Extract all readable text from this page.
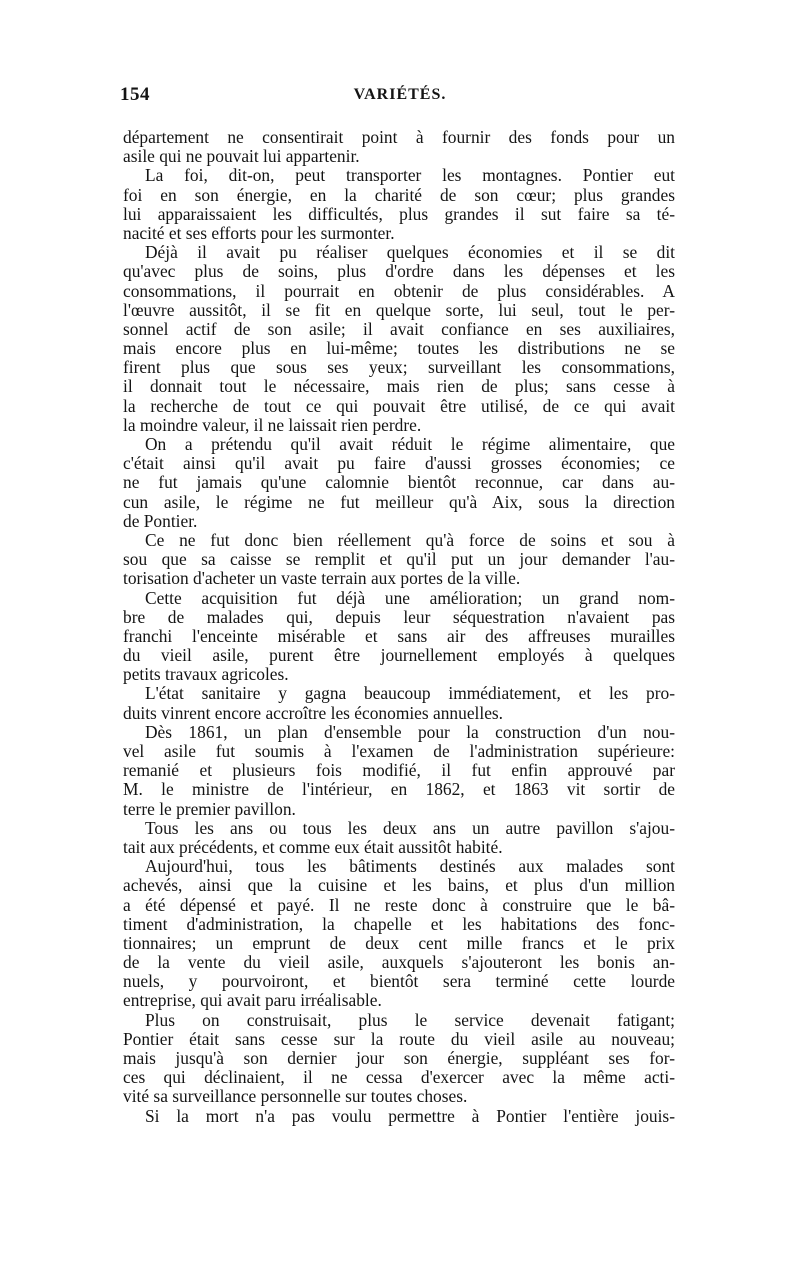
154	VARIÉTÉS.
département ne consentirait point à fournir des fonds pour un
asile qui ne pouvait lui appartenir.
La foi, dit-on, peut transporter les montagnes. Pontier eut
foi en son énergie, en la charité de son cœur; plus grandes
lui apparaissaient les difficultés, plus grandes il sut faire sa té-
nacité et ses efforts pour les surmonter.
Déjà il avait pu réaliser quelques économies et il se dit
qu'avec plus de soins, plus d'ordre dans les dépenses et les
consommations, il pourrait en obtenir de plus considérables. A
l'œuvre aussitôt, il se fit en quelque sorte, lui seul, tout le per-
sonnel actif de son asile; il avait confiance en ses auxiliaires,
mais encore plus en lui-même; toutes les distributions ne se
firent plus que sous ses yeux; surveillant les consommations,
il donnait tout le nécessaire, mais rien de plus; sans cesse à
la recherche de tout ce qui pouvait être utilisé, de ce qui avait
la moindre valeur, il ne laissait rien perdre.
On a prétendu qu'il avait réduit le régime alimentaire, que
c'était ainsi qu'il avait pu faire d'aussi grosses économies; ce
ne fut jamais qu'une calomnie bientôt reconnue, car dans au-
cun asile, le régime ne fut meilleur qu'à Aix, sous la direction
de Pontier.
Ce ne fut donc bien réellement qu'à force de soins et sou à
sou que sa caisse se remplit et qu'il put un jour demander l'au-
torisation d'acheter un vaste terrain aux portes de la ville.
Cette acquisition fut déjà une amélioration; un grand nom-
bre de malades qui, depuis leur séquestration n'avaient pas
franchi l'enceinte misérable et sans air des affreuses murailles
du vieil asile, purent être journellement employés à quelques
petits travaux agricoles.
L'état sanitaire y gagna beaucoup immédiatement, et les pro-
duits vinrent encore accroître les économies annuelles.
Dès 1861, un plan d'ensemble pour la construction d'un nou-
vel asile fut soumis à l'examen de l'administration supérieure:
remanié et plusieurs fois modifié, il fut enfin approuvé par
M. le ministre de l'intérieur, en 1862, et 1863 vit sortir de
terre le premier pavillon.
Tous les ans ou tous les deux ans un autre pavillon s'ajou-
tait aux précédents, et comme eux était aussitôt habité.
Aujourd'hui, tous les bâtiments destinés aux malades sont
achevés, ainsi que la cuisine et les bains, et plus d'un million
a été dépensé et payé. Il ne reste donc à construire que le bâ-
timent d'administration, la chapelle et les habitations des fonc-
tionnaires; un emprunt de deux cent mille francs et le prix
de la vente du vieil asile, auxquels s'ajouteront les bonis an-
nuels, y pourvoiront, et bientôt sera terminé cette lourde
entreprise, qui avait paru irréalisable.
Plus on construisait, plus le service devenait fatigant;
Pontier était sans cesse sur la route du vieil asile au nouveau;
mais jusqu'à son dernier jour son énergie, suppléant ses for-
ces qui déclinaient, il ne cessa d'exercer avec la même acti-
vité sa surveillance personnelle sur toutes choses.
Si la mort n'a pas voulu permettre à Pontier l'entière jouis-
